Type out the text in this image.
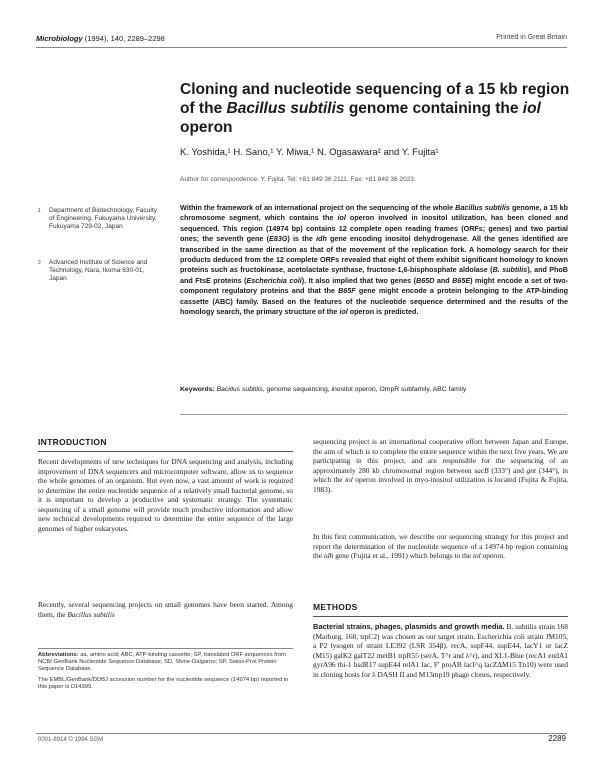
Microbiology (1994), 140, 2289–2298	Printed in Great Britain
Cloning and nucleotide sequencing of a 15 kb region of the Bacillus subtilis genome containing the iol operon
K. Yoshida,¹ H. Sano,¹ Y. Miwa,¹ N. Ogasawara² and Y. Fujita¹
Author for correspondence: Y. Fujita. Tel: +81 849 36 2111. Fax: +81 849 36 2023.
1	Department of Biotechnology, Faculty of Engineering, Fukuyama University, Fukuyama 729-02, Japan
2	Advanced Institute of Science and Technology, Nara, Ikoma 630-01, Japan
Within the framework of an international project on the sequencing of the whole Bacillus subtilis genome, a 15 kb chromosome segment, which contains the iol operon involved in inositol utilization, has been cloned and sequenced. This region (14974 bp) contains 12 complete open reading frames (ORFs; genes) and two partial ones; the seventh gene (E83G) is the idh gene encoding inositol dehydrogenase. All the genes identified are transcribed in the same direction as that of the movement of the replication fork. A homology search for their products deduced from the 12 complete ORFs revealed that eight of them exhibit significant homology to known proteins such as fructokinase, acetolactate synthase, fructose-1,6-bisphosphate aldolase (B. subtilis), and PhoB and FtsE proteins (Escherichia coli). It also implied that two genes (B65D and B65E) might encode a set of two-component regulatory proteins and that the B65F gene might encode a protein belonging to the ATP-binding cassette (ABC) family. Based on the features of the nucleotide sequence determined and the results of the homology search, the primary structure of the iol operon is predicted.
Keywords: Bacillus subtilis, genome sequencing, inositol operon, OmpR subfamily, ABC family
INTRODUCTION
Recent developments of new techniques for DNA sequencing and analysis, including improvement of DNA sequencers and microcomputer software, allow us to sequence the whole genomes of an organism. But even now, a vast amount of work is required to determine the entire nucleotide sequence of a relatively small bacterial genome, so it is important to develop a productive and systematic strategy. The systematic sequencing of a small genome will provide much productive information and allow new technical developments required to determine the entire sequence of the large genomes of higher eukaryotes.
Recently, several sequencing projects on small genomes have been started. Among them, the Bacillus subtilis
Abbreviations: aa, amino acid; ABC, ATP-binding cassette; SP, translated ORF sequences from NCBI GenBank Nucleotide Sequence Database; SD, Shine-Dalgarno; SP, Swiss-Prot Protein Sequence Database.
The EMBL/GenBank/DDBJ accession number for the nucleotide sequence (14974 bp) reported in this paper is D14399.
sequencing project is an international cooperative effort between Japan and Europe, the aim of which is to complete the entire sequence within the next five years. We are participating in this project, and are responsible for the sequencing of an approximately 280 kb chromosomal region between sacB (333°) and gnt (344°), in which the iol operon involved in myo-inositol utilization is located (Fujita & Fujita, 1983).
In this first communication, we describe our sequencing strategy for this project and report the determination of the nucleotide sequence of a 14974 bp region containing the idh gene (Fujita et al., 1991) which belongs to the iol operon.
METHODS
Bacterial strains, phages, plasmids and growth media. B. subtilis strain 168 (Marburg, 168, trpC2) was chosen as our target strain. Escherichia coli strain JM105, a P2 lysogen of strain LE392 (LSR 354β), recA, supF44, supE44, lacY1 or lacZ (M15) galK2 galT22 metB1 trpR55 (serA, T^r and λ^r), and XL1-Blue (recA1 endA1 gyrA96 thi-1 hsdR17 supE44 relA1 lac, F′ proAB lacI^q lacZΔM15 Tn10) were used in cloning hosts for λ DASH II and M13mp19 phage clones, respectively.
0001-8914 © 1994 SGM	2289
